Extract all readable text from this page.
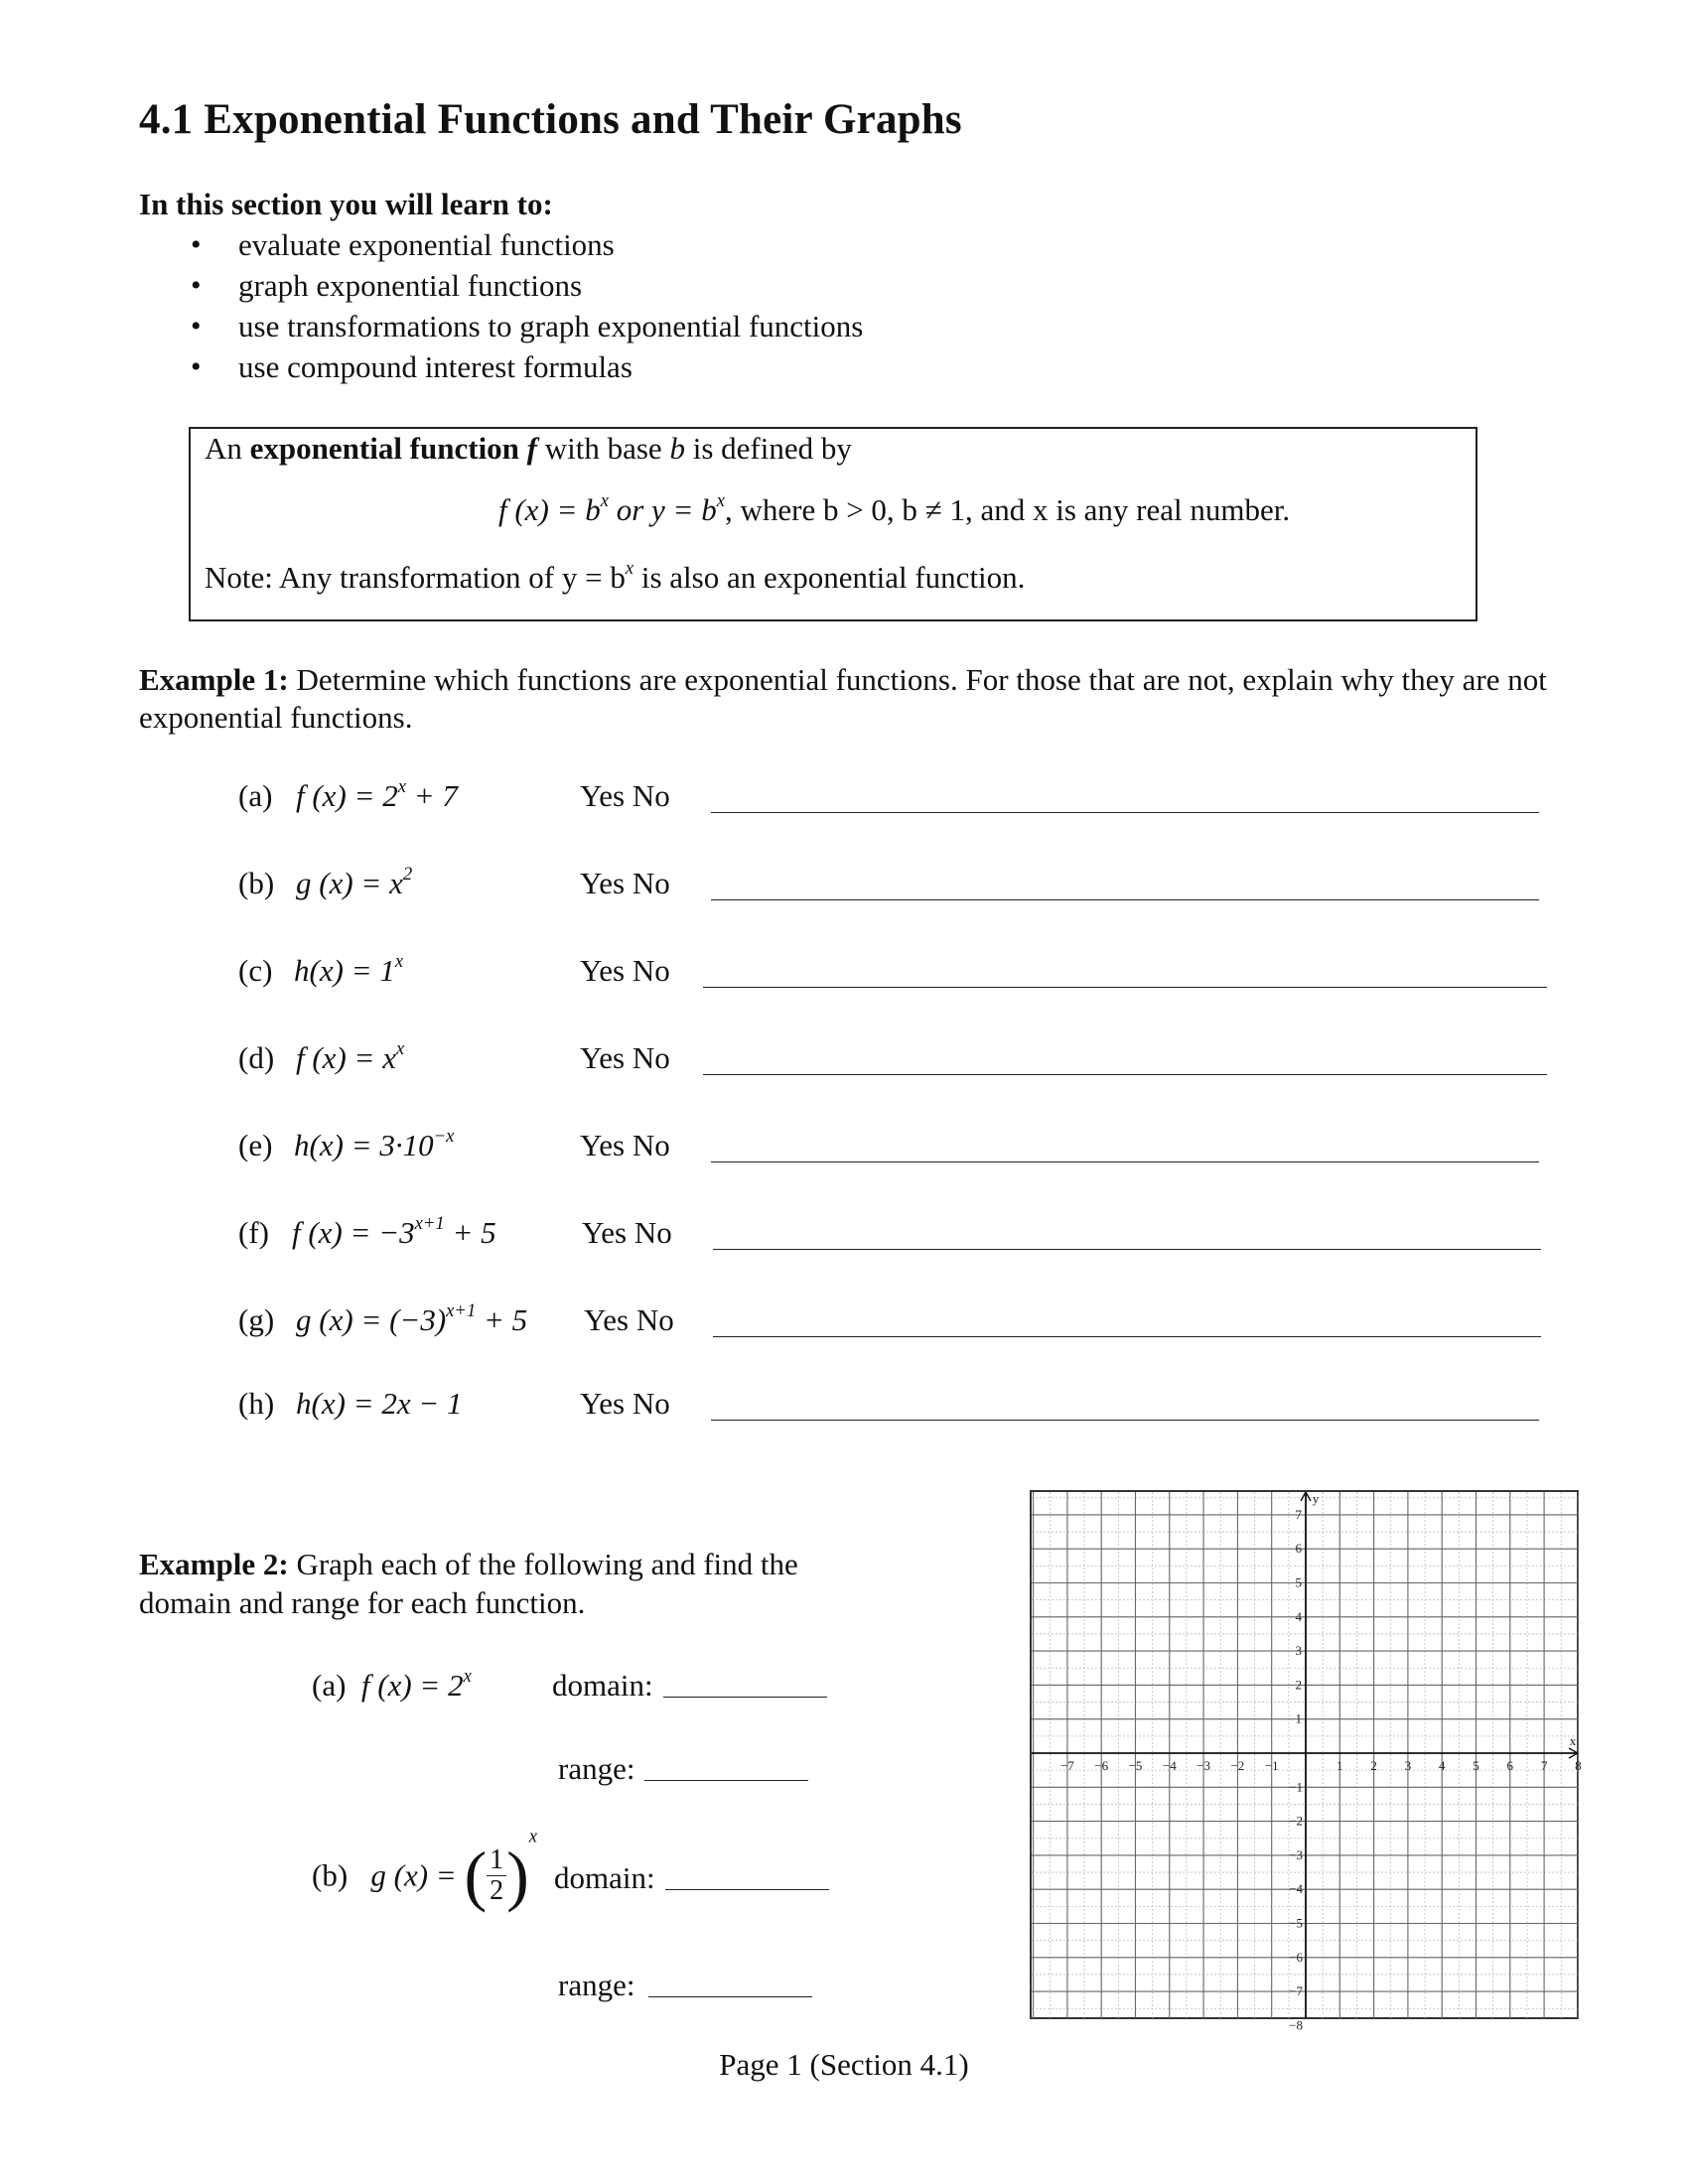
4.1 Exponential Functions and Their Graphs
In this section you will learn to:
• evaluate exponential functions
• graph exponential functions
• use transformations to graph exponential functions
• use compound interest formulas
An exponential function f with base b is defined by
f $(x) = b^x$ or $y = b^x$, where b > 0, b ≠ 1, and x is any real number.
Note: Any transformation of $y = b^x$ is also an exponential function.
Example 1: Determine which functions are exponential functions. For those that are not, explain why they are not exponential functions.
(a) f $(x) = 2^x + 7$	Yes No
(b) g $(x) = x^2$	Yes No
(c) $h(x) = 1^x$	Yes No
(d) f $(x) = x^x$	Yes No
(e) $h(x) = 3\cdot 10^{-x}$	Yes No
(f) f $(x) = -3^{x+1} + 5$	Yes No
(g) g $(x) = (-3)^{x+1} + 5$ Yes No
(h) h(x) = 2x − 1	Yes No
Example 2: Graph each of the following and find the domain and range for each function.
(a) f $(x) = 2^x$	domain:
range:
(b) g (x) = ( $\frac{1}{2} )^x$
domain:
range:
−7 −6 −5 −4 −3 −2 −1	1 2 3 4 5 6 7 8
7
6
5
4
3
2
1
−1
−2
−3
−4
−5
−6
−7
−8
x
y
Page 1 (Section 4.1)
